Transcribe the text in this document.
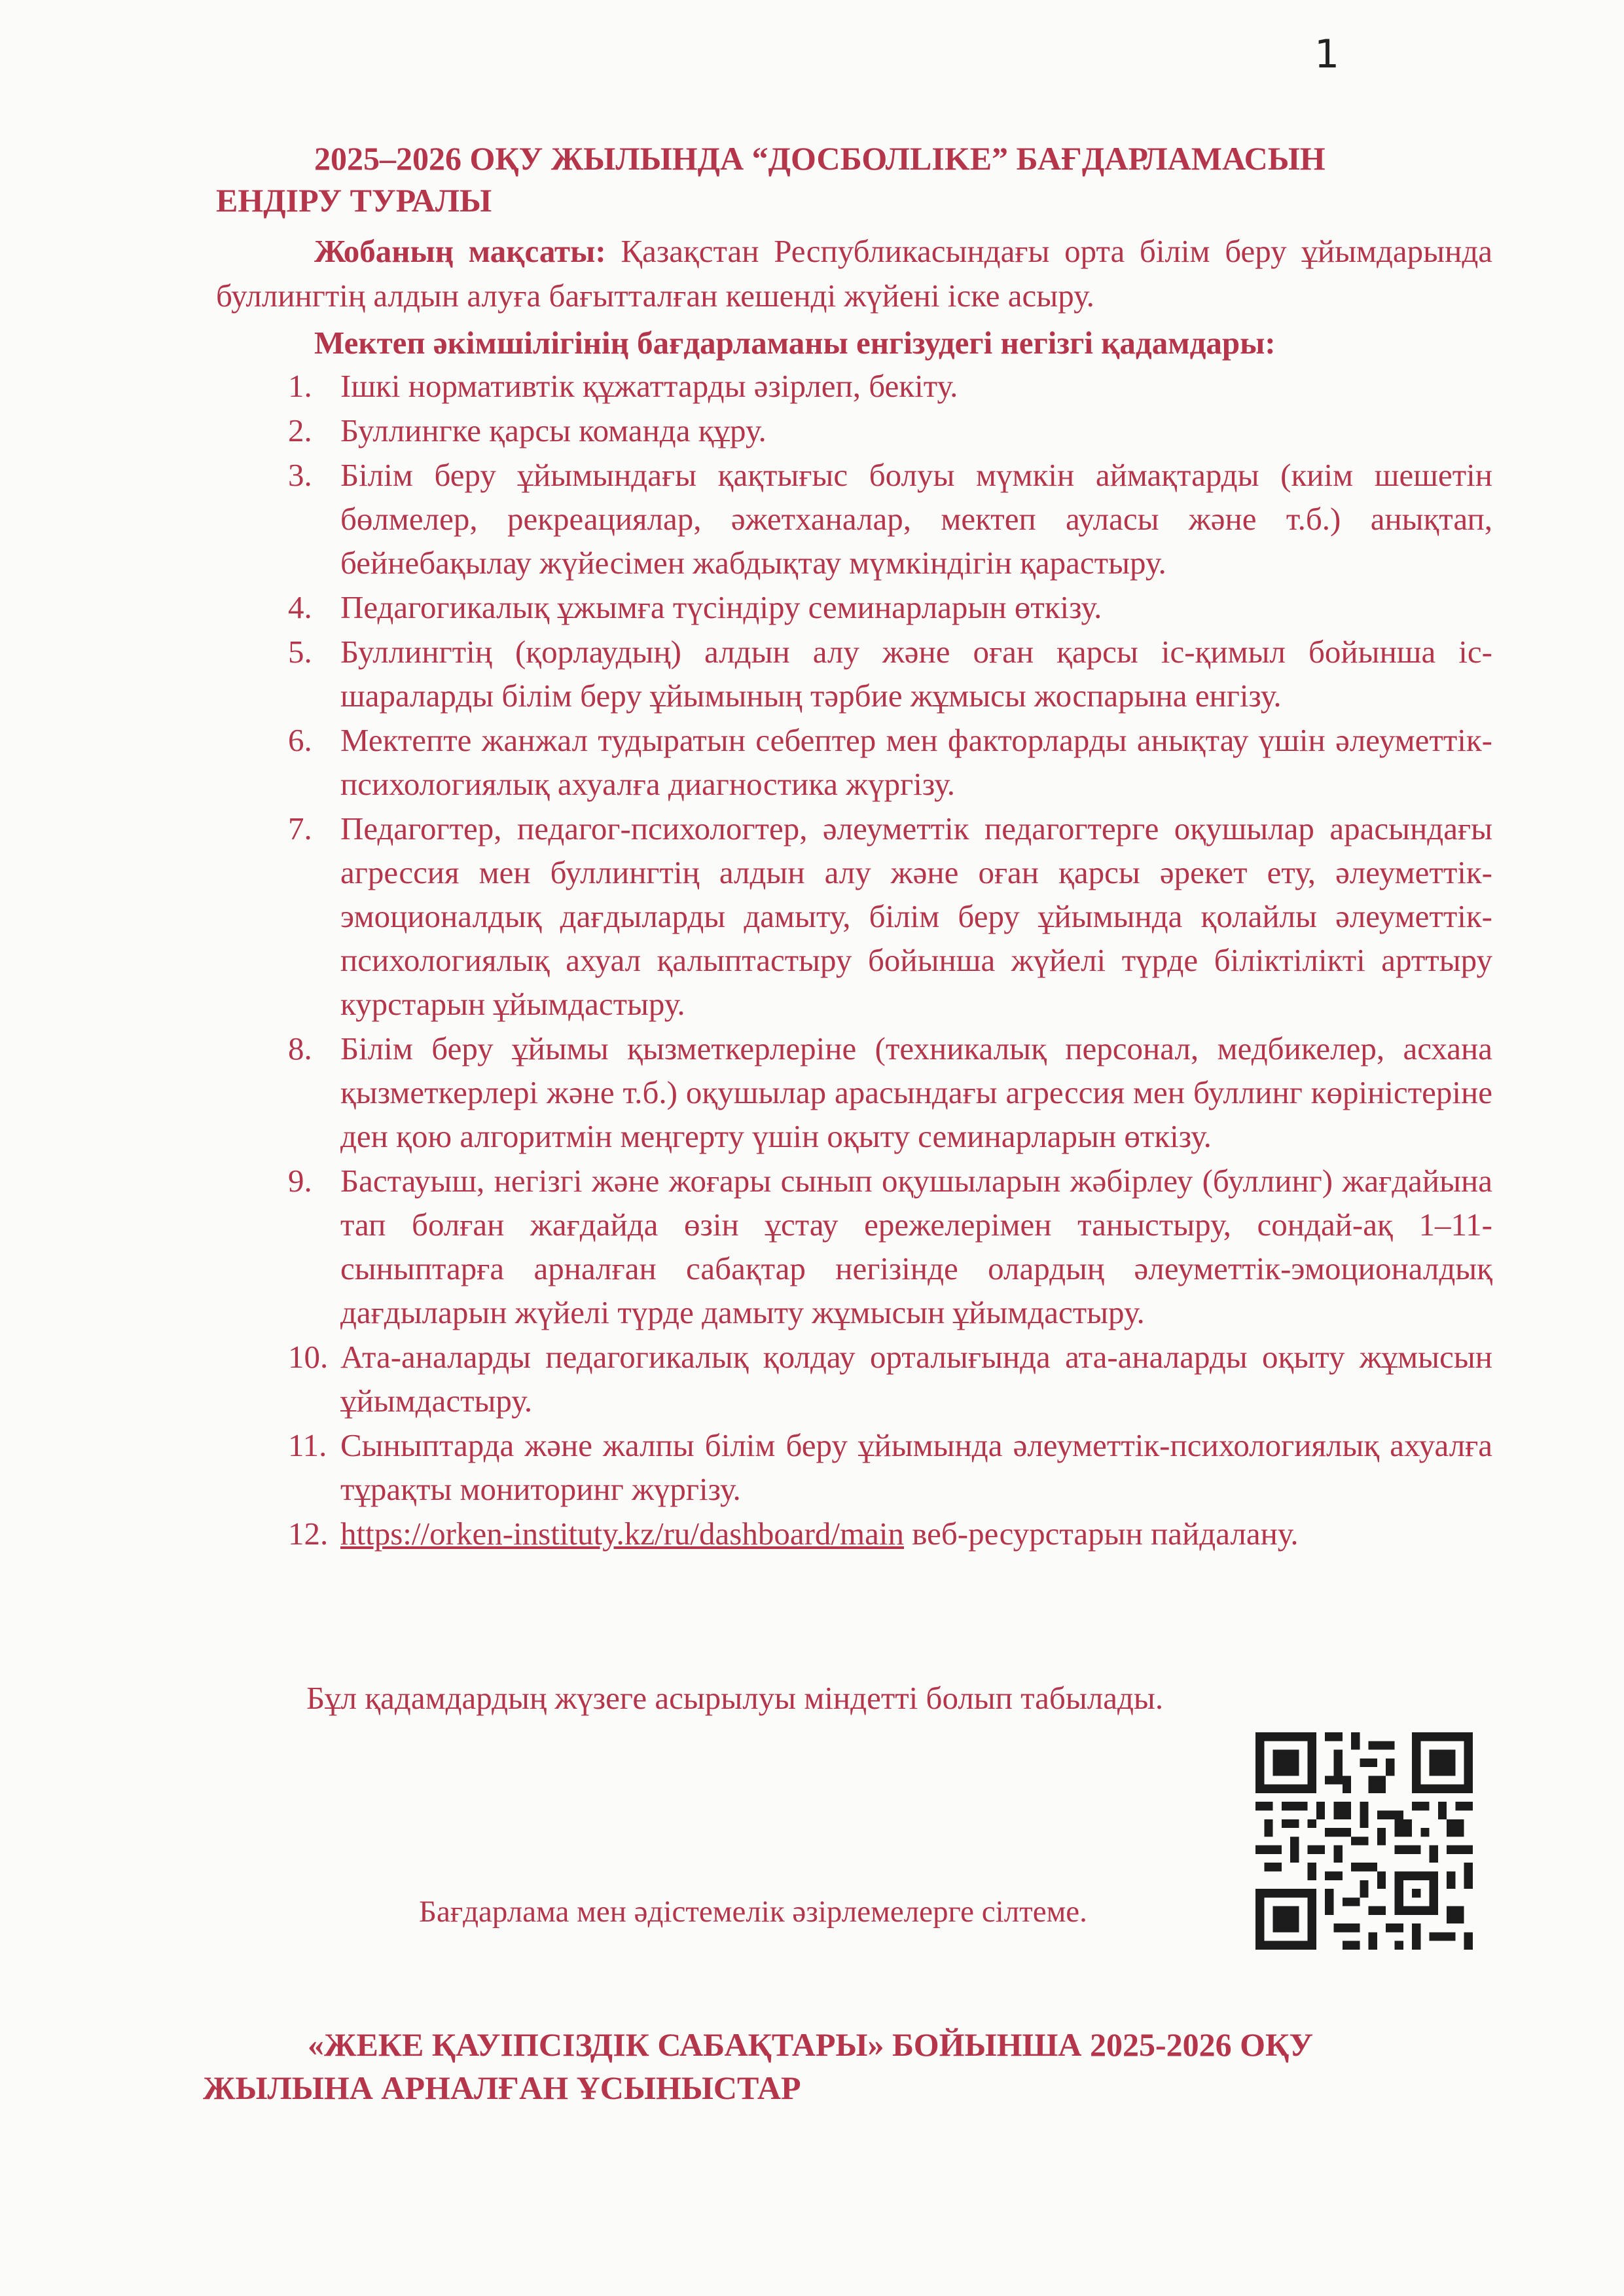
1
2025–2026 ОҚУ ЖЫЛЫНДА “ДОСБОЛLIKE” БАҒДАРЛАМАСЫН
ЕНДІРУ ТУРАЛЫ

Жобаның мақсаты: Қазақстан Республикасындағы орта білім беру ұйымдарында буллингтің алдын алуға бағытталған кешенді жүйені іске асыру.

Мектеп әкімшілігінің бағдарламаны енгізудегі негізгі қадамдары:
1. Ішкі нормативтік құжаттарды әзірлеп, бекіту.
2. Буллингке қарсы команда құру.
3. Білім беру ұйымындағы қақтығыс болуы мүмкін аймақтарды (киім шешетін бөлмелер, рекреациялар, әжетханалар, мектеп ауласы және т.б.) анықтап, бейнебақылау жүйесімен жабдықтау мүмкіндігін қарастыру.
4. Педагогикалық ұжымға түсіндіру семинарларын өткізу.
5. Буллингтің (қорлаудың) алдын алу және оған қарсы іс-қимыл бойынша іс-шараларды білім беру ұйымының тәрбие жұмысы жоспарына енгізу.
6. Мектепте жанжал тудыратын себептер мен факторларды анықтау үшін әлеуметтік-психологиялық ахуалға диагностика жүргізу.
7. Педагогтер, педагог-психологтер, әлеуметтік педагогтерге оқушылар арасындағы агрессия мен буллингтің алдын алу және оған қарсы әрекет ету, әлеуметтік-эмоционалдық дағдыларды дамыту, білім беру ұйымында қолайлы әлеуметтік-психологиялық ахуал қалыптастыру бойынша жүйелі түрде біліктілікті арттыру курстарын ұйымдастыру.
8. Білім беру ұйымы қызметкерлеріне (техникалық персонал, медбикелер, асхана қызметкерлері және т.б.) оқушылар арасындағы агрессия мен буллинг көріністеріне ден қою алгоритмін меңгерту үшін оқыту семинарларын өткізу.
9. Бастауыш, негізгі және жоғары сынып оқушыларын жәбірлеу (буллинг) жағдайына тап болған жағдайда өзін ұстау ережелерімен таныстыру, сондай-ақ 1–11-сыныптарға арналған сабақтар негізінде олардың әлеуметтік-эмоционалдық дағдыларын жүйелі түрде дамыту жұмысын ұйымдастыру.
10. Ата-аналарды педагогикалық қолдау орталығында ата-аналарды оқыту жұмысын ұйымдастыру.
11. Сыныптарда және жалпы білім беру ұйымында әлеуметтік-психологиялық ахуалға тұрақты мониторинг жүргізу.
12. https://orken-instituty.kz/ru/dashboard/main веб-ресурстарын пайдалану.
Бұл қадамдардың жүзеге асырылуы міндетті болып табылады.
Бағдарлама мен әдістемелік әзірлемелерге сілтеме.
«ЖЕКЕ ҚАУІПСІЗДІК САБАҚТАРЫ» БОЙЫНША 2025-2026 ОҚУ
ЖЫЛЫНА АРНАЛҒАН ҰСЫНЫСТАР
